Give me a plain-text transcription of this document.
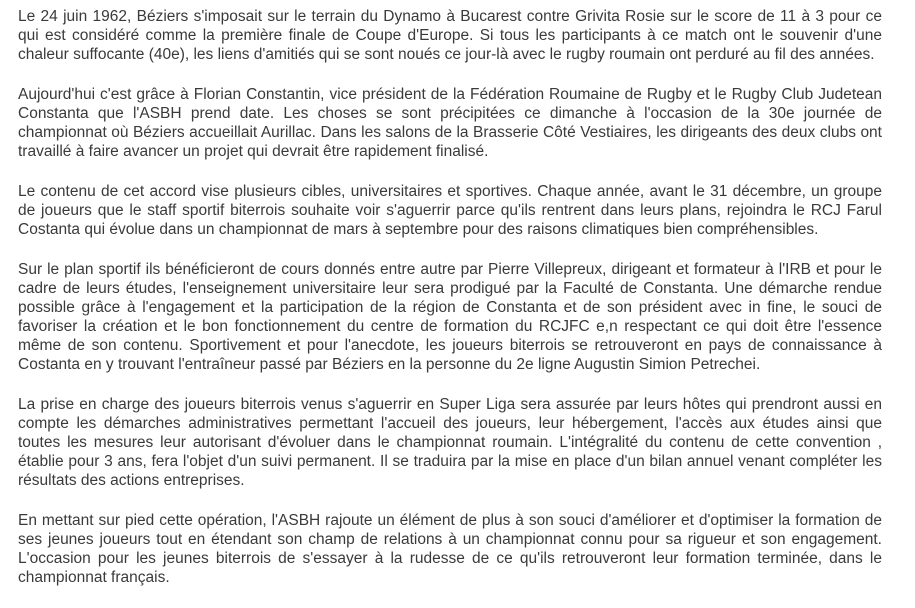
Le 24 juin 1962, Béziers s'imposait sur le terrain du Dynamo à Bucarest contre Grivita Rosie sur le score de 11 à 3 pour ce qui est considéré comme la première finale de Coupe d'Europe. Si tous les participants à ce match ont le souvenir d'une chaleur suffocante (40e), les liens d'amitiés qui se sont noués ce jour-là avec le rugby roumain ont perduré au fil des années.

Aujourd'hui c'est grâce à Florian Constantin, vice président de la Fédération Roumaine de Rugby et le Rugby Club Judetean Constanta que l'ASBH prend date. Les choses se sont précipitées ce dimanche à l'occasion de la 30e journée de championnat où Béziers accueillait Aurillac. Dans les salons de la Brasserie Côté Vestiaires, les dirigeants des deux clubs ont travaillé à faire avancer un projet qui devrait être rapidement finalisé.

Le contenu de cet accord vise plusieurs cibles, universitaires et sportives. Chaque année, avant le 31 décembre, un groupe de joueurs que le staff sportif biterrois souhaite voir s'aguerrir parce qu'ils rentrent dans leurs plans, rejoindra le RCJ Farul Costanta qui évolue dans un championnat de mars à septembre pour des raisons climatiques bien compréhensibles.

Sur le plan sportif ils bénéficieront de cours donnés entre autre par Pierre Villepreux, dirigeant et formateur à l'IRB et pour le cadre de leurs études, l'enseignement universitaire leur sera prodigué par la Faculté de Constanta. Une démarche rendue possible grâce à l'engagement et la participation de la région de Constanta et de son président avec in fine, le souci de favoriser la création et le bon fonctionnement du centre de formation du RCJFC e,n respectant ce qui doit être l'essence même de son contenu. Sportivement et pour l'anecdote, les joueurs biterrois se retrouveront en pays de connaissance à Costanta en y trouvant l'entraîneur passé par Béziers en la personne du 2e ligne Augustin Simion Petrechei.

La prise en charge des joueurs biterrois venus s'aguerrir en Super Liga sera assurée par leurs hôtes qui prendront aussi en compte les démarches administratives permettant l'accueil des joueurs, leur hébergement, l'accès aux études ainsi que toutes les mesures leur autorisant d'évoluer dans le championnat roumain. L'intégralité du contenu de cette convention , établie pour 3 ans, fera l'objet d'un suivi permanent. Il se traduira par la mise en place d'un bilan annuel venant compléter les résultats des actions entreprises.

En mettant sur pied cette opération, l'ASBH rajoute un élément de plus à son souci d'améliorer et d'optimiser la formation de ses jeunes joueurs tout en étendant son champ de relations à un championnat connu pour sa rigueur et son engagement. L'occasion pour les jeunes biterrois de s'essayer à la rudesse de ce qu'ils retrouveront leur formation terminée, dans le championnat français.
